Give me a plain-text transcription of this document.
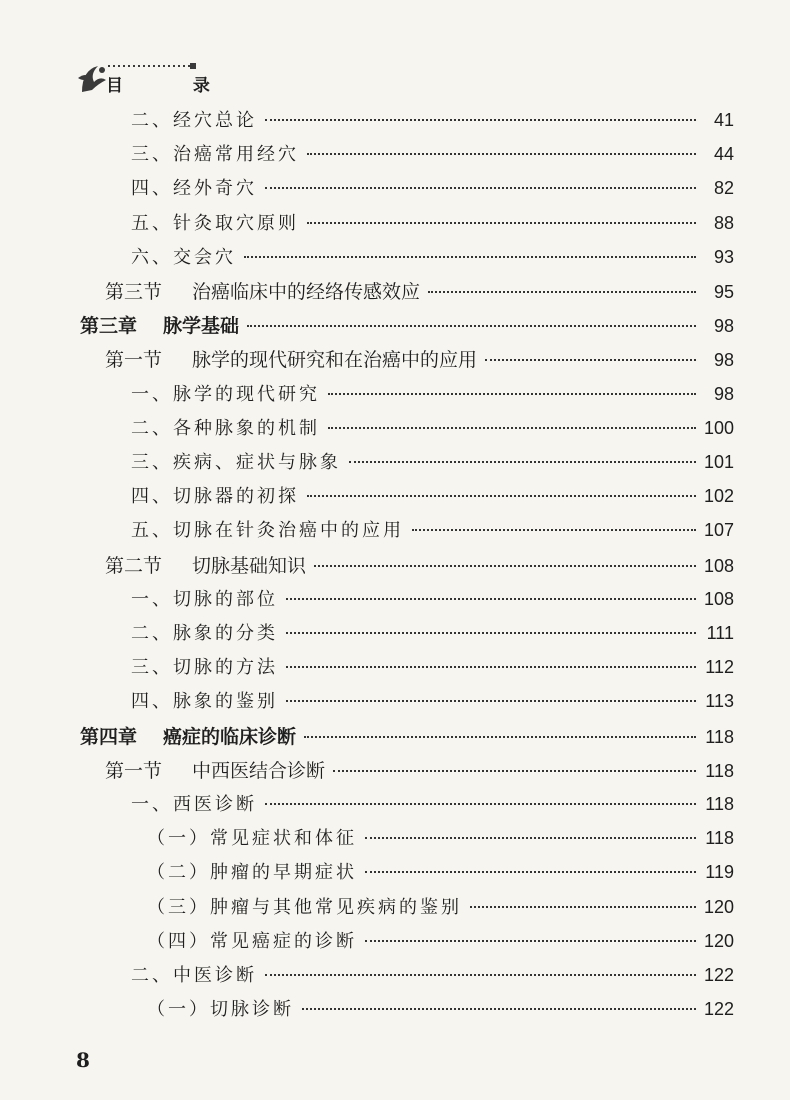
目 录
二、经穴总论	41
三、治癌常用经穴	44
四、经外奇穴	82
五、针灸取穴原则	88
六、交会穴	93
第三节 治癌临床中的经络传感效应	95
第三章 脉学基础	98
第一节 脉学的现代研究和在治癌中的应用	98
一、脉学的现代研究	98
二、各种脉象的机制	100
三、疾病、症状与脉象	101
四、切脉器的初探	102
五、切脉在针灸治癌中的应用	107
第二节 切脉基础知识	108
一、切脉的部位	108
二、脉象的分类	111
三、切脉的方法	112
四、脉象的鉴别	113
第四章 癌症的临床诊断	118
第一节 中西医结合诊断	118
一、西医诊断	118
（一）常见症状和体征	118
（二）肿瘤的早期症状	119
（三）肿瘤与其他常见疾病的鉴别	120
（四）常见癌症的诊断	120
二、中医诊断	122
（一）切脉诊断	122
8
